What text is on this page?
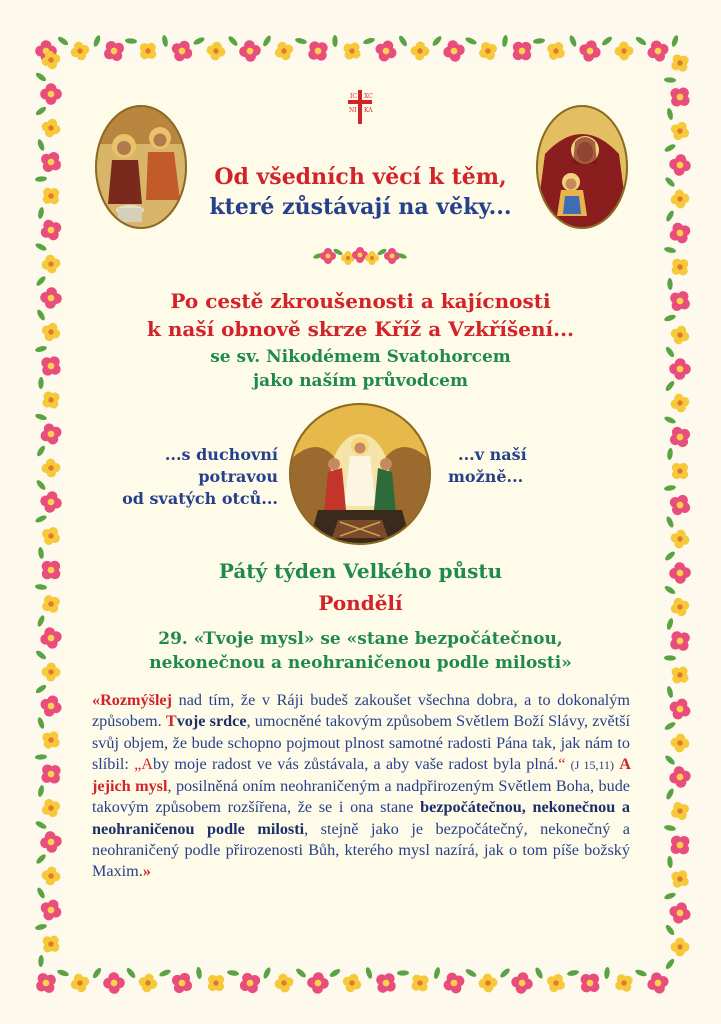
IC XC
NI KA
Od všedních věcí k těm,
které zůstávají na věky...
Po cestě zkroušenosti a kajícnosti
k naší obnově skrze Kříž a Vzkříšení...
se sv. Nikodémem Svatohorcem
jako naším průvodcem
...s duchovní
potravou
od svatých otců...
...v naší
možně...
Pátý týden Velkého půstu
Pondělí
29. «Tvoje mysl» se «stane bezpočátečnou,
nekonečnou a neohraničenou podle milosti»
«Rozmýšlej nad tím, že v Ráji budeš zakoušet všechna dobra, a to dokonalým způsobem. Tvoje srdce, umocněné takovým způsobem Světlem Boží Slávy, zvětší svůj objem, že bude schopno pojmout plnost samotné radosti Pána tak, jak nám to slíbil: „Aby moje radost ve vás zůstávala, a aby vaše radost byla plná.“ (J 15,11) A jejich mysl, posilněná oním neohraničeným a nadpřirozeným Světlem Boha, bude takovým způsobem rozšířena, že se i ona stane bezpočátečnou, nekonečnou a neohraničenou podle milosti, stejně jako je bezpočátečný, nekonečný a neohraničený podle přirozenosti Bůh, kterého mysl nazírá, jak o tom píše božský Maxim.»
